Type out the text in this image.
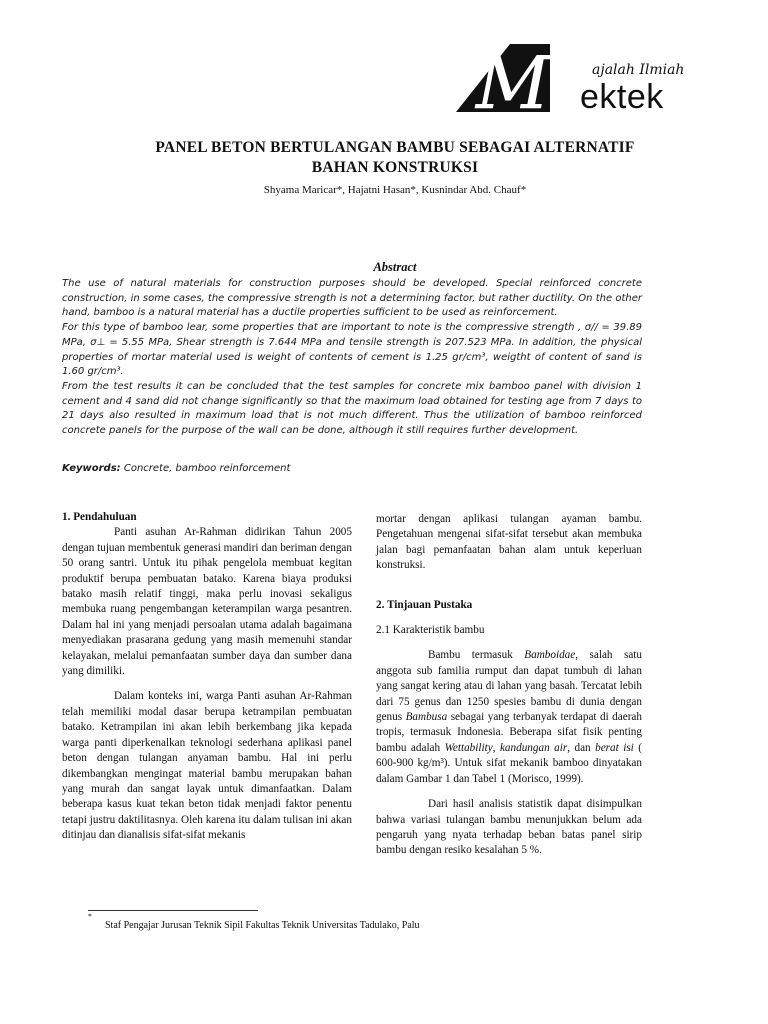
M	ajalah Ilmiah
ektek
PANEL BETON BERTULANGAN BAMBU SEBAGAI ALTERNATIF
BAHAN KONSTRUKSI
Shyama Maricar*, Hajatni Hasan*, Kusnindar Abd. Chauf*
Abstract

The use of natural materials for construction purposes should be developed. Special reinforced concrete construction, in some cases, the compressive strength is not a determining factor, but rather ductility. On the other hand, bamboo is a natural material has a ductile properties sufficient to be used as reinforcement.

For this type of bamboo lear, some properties that are important to note is the compressive strength , σ// = 39.89 MPa, σ⊥ = 5.55 MPa, Shear strength is 7.644 MPa and tensile strength is 207.523 MPa. In addition, the physical properties of mortar material used is weight of contents of cement is 1.25 gr/cm³, weigtht of content of sand is 1.60 gr/cm³.

From the test results it can be concluded that the test samples for concrete mix bamboo panel with division 1 cement and 4 sand did not change significantly so that the maximum load obtained for testing age from 7 days to 21 days also resulted in maximum load that is not much different. Thus the utilization of bamboo reinforced concrete panels for the purpose of the wall can be done, although it still requires further development.

Keywords: Concrete, bamboo reinforcement

1. Pendahuluan

Panti asuhan Ar-Rahman didirikan Tahun 2005 dengan tujuan membentuk generasi mandiri dan beriman dengan 50 orang santri. Untuk itu pihak pengelola membuat kegitan produktif berupa pembuatan batako. Karena biaya produksi batako masih relatif tinggi, maka perlu inovasi sekaligus membuka ruang pengembangan keterampilan warga pesantren. Dalam hal ini yang menjadi persoalan utama adalah bagaimana menyediakan prasarana gedung yang masih memenuhi standar kelayakan, melalui pemanfaatan sumber daya dan sumber dana yang dimiliki.

Dalam konteks ini, warga Panti asuhan Ar-Rahman telah memiliki modal dasar berupa ketrampilan pembuatan batako. Ketrampilan ini akan lebih berkembang jika kepada warga panti diperkenalkan teknologi sederhana aplikasi panel beton dengan tulangan anyaman bambu. Hal ini perlu dikembangkan mengingat material bambu merupakan bahan yang murah dan sangat layak untuk dimanfaatkan. Dalam beberapa kasus kuat tekan beton tidak menjadi faktor penentu tetapi justru daktilitasnya. Oleh karena itu dalam tulisan ini akan ditinjau dan dianalisis sifat-sifat mekanis

mortar dengan aplikasi tulangan ayaman bambu. Pengetahuan mengenai sifat-sifat tersebut akan membuka jalan bagi pemanfaatan bahan alam untuk keperluan konstruksi.

2. Tinjauan Pustaka

2.1 Karakteristik bambu

Bambu termasuk Bamboidae, salah satu anggota sub familia rumput dan dapat tumbuh di lahan yang sangat kering atau di lahan yang basah. Tercatat lebih dari 75 genus dan 1250 spesies bambu di dunia dengan genus Bambusa sebagai yang terbanyak terdapat di daerah tropis, termasuk Indonesia. Beberapa sifat fisik penting bambu adalah Wettability, kandungan air, dan berat isi ( 600-900 kg/m³). Untuk sifat mekanik bamboo dinyatakan dalam Gambar 1 dan Tabel 1 (Morisco, 1999).

Dari hasil analisis statistik dapat disimpulkan bahwa variasi tulangan bambu menunjukkan belum ada pengaruh yang nyata terhadap beban batas panel sirip bambu dengan resiko kesalahan 5 %.

*
Staf Pengajar Jurusan Teknik Sipil Fakultas Teknik Universitas Tadulako, Palu
